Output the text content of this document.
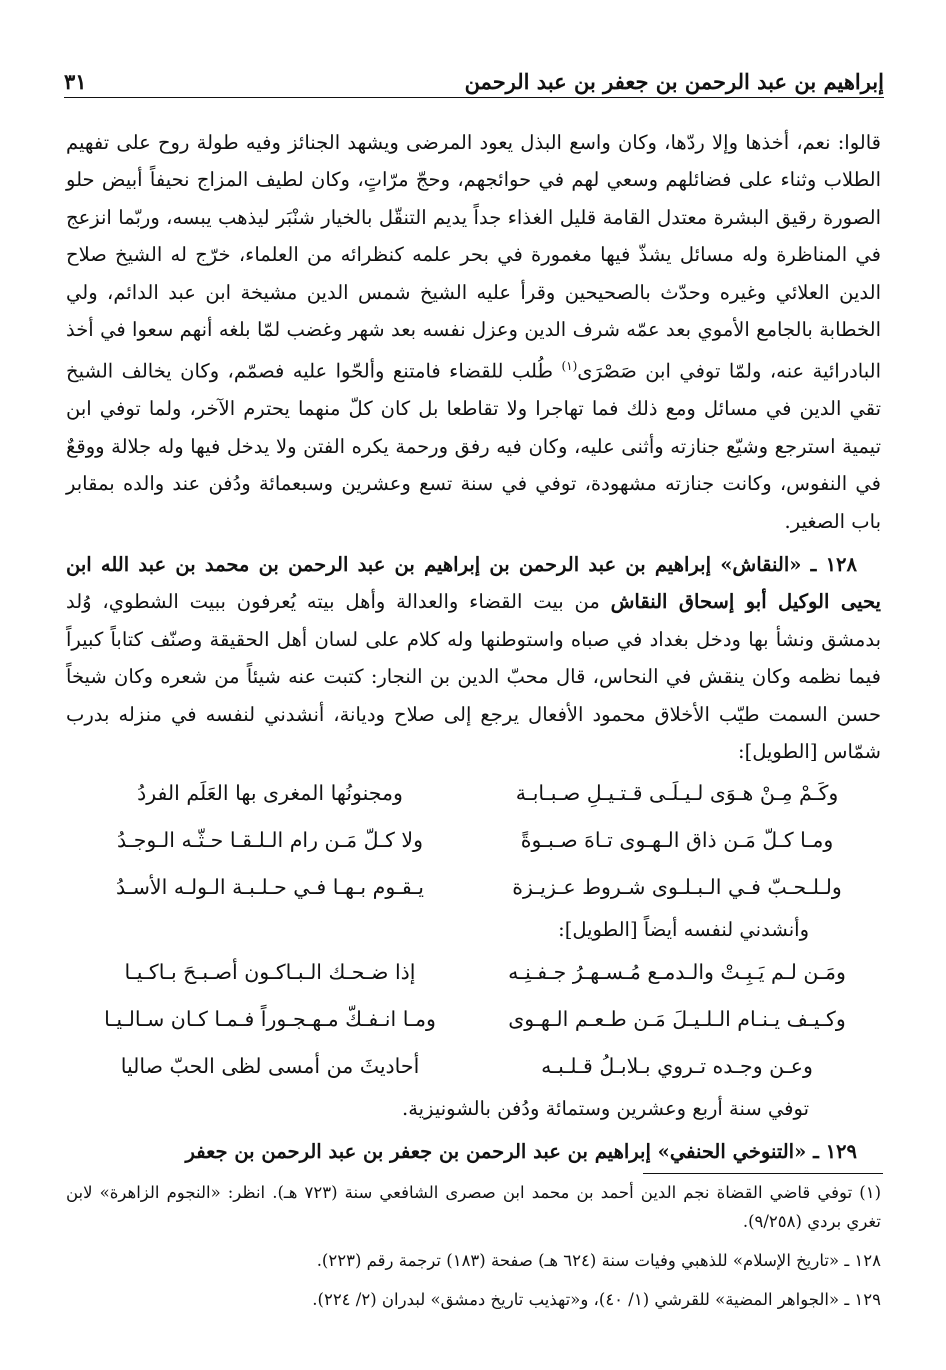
إبراهيم بن عبد الرحمن بن جعفر بن عبد الرحمن
٣١

قالوا: نعم، أخذها وإلا ردّها، وكان واسع البذل يعود المرضى ويشهد الجنائز وفيه طولة روح على تفهيم الطلاب وثناء على فضائلهم وسعي لهم في حوائجهم، وحجّ مرّاتٍ، وكان لطيف المزاج نحيفاً أبيض حلو الصورة رقيق البشرة معتدل القامة قليل الغذاء جداً يديم التنقّل بالخيار شنْبَر ليذهب يبسه، وربّما انزعج في المناظرة وله مسائل يشذّ فيها مغمورة في بحر علمه كنظرائه من العلماء، خرّج له الشيخ صلاح الدين العلائي وغيره وحدّث بالصحيحين وقرأ عليه الشيخ شمس الدين مشيخة ابن عبد الدائم، ولي الخطابة بالجامع الأموي بعد عمّه شرف الدين وعزل نفسه بعد شهر وغضب لمّا بلغه أنهم سعوا في أخذ البادرائية عنه، ولمّا توفي ابن صَصْرَى$^{(١)}$ طُلب للقضاء فامتنع وألحّوا عليه فصمّم، وكان يخالف الشيخ تقي الدين في مسائل ومع ذلك فما تهاجرا ولا تقاطعا بل كان كلّ منهما يحترم الآخر، ولما توفي ابن تيمية استرجع وشيّع جنازته وأثنى عليه، وكان فيه رفق ورحمة يكره الفتن ولا يدخل فيها وله جلالة ووقعٌ في النفوس، وكانت جنازته مشهودة، توفي في سنة تسع وعشرين وسبعمائة ودُفن عند والده بمقابر باب الصغير.

١٢٨ ـ «النقاش» إبراهيم بن عبد الرحمن بن إبراهيم بن عبد الرحمن بن محمد بن عبد الله ابن يحيى الوكيل أبو إسحاق النقاش من بيت القضاء والعدالة وأهل بيته يُعرفون ببيت الشطوي، وُلد بدمشق ونشأ بها ودخل بغداد في صباه واستوطنها وله كلام على لسان أهل الحقيقة وصنّف كتاباً كبيراً فيما نظمه وكان ينقش في النحاس، قال محبّ الدين بن النجار: كتبت عنه شيئاً من شعره وكان شيخاً حسن السمت طيّب الأخلاق محمود الأفعال يرجع إلى صلاح وديانة، أنشدني لنفسه في منزله بدرب شمّاس [الطويل]:

وكَـمْ مِـنْ هـوَى لـيـلَـى قـتـيـلِ صـبـابـة
ومجنونُها المغرى بها العَلَم الفردُ
ومـا كـلّ مَـن ذاق الـهـوى تـاهَ صـبـوةً
ولا كـلّ مَـن رام الـلـقـا حـثّـه الـوجـدُ
ولـلـحـبّ فـي الـبـلـوى شـروط عـزيـزة
يـقـوم بـهـا فـي حـلـبـة الـولـه الأسـدُ

وأنشدني لنفسه أيضاً [الطويل]:

ومَـن لـم يَـبِـتْ والـدمـع مُـسـهـرُ جـفـنِـه
إذا ضـحـك الـبـاكـون أصـبـحَ بـاكـيـا
وكـيـف يـنـام الـلـيـلَ مَـن طـعـم الـهـوى
ومـا انـفـكّ مـهـجـوراً فـمـا كـان سـالـيـا
وعـن وجـده تـروي بـلابـلُ قـلـبـه
أحاديثَ من أمسى لظى الحبّ صاليا

توفي سنة أربع وعشرين وستمائة ودُفن بالشونيزية.

١٢٩ ـ «التنوخي الحنفي» إبراهيم بن عبد الرحمن بن جعفر بن عبد الرحمن بن جعفر

(١) توفي قاضي القضاة نجم الدين أحمد بن محمد ابن صصرى الشافعي سنة (٧٢٣ هـ). انظر: «النجوم الزاهرة» لابن تغري بردي (٩/٢٥٨).

١٢٨ ـ «تاريخ الإسلام» للذهبي وفيات سنة (٦٢٤ هـ) صفحة (١٨٣) ترجمة رقم (٢٢٣).

١٢٩ ـ «الجواهر المضية» للقرشي (١/ ٤٠)، و«تهذيب تاريخ دمشق» لبدران (٢/ ٢٢٤).
